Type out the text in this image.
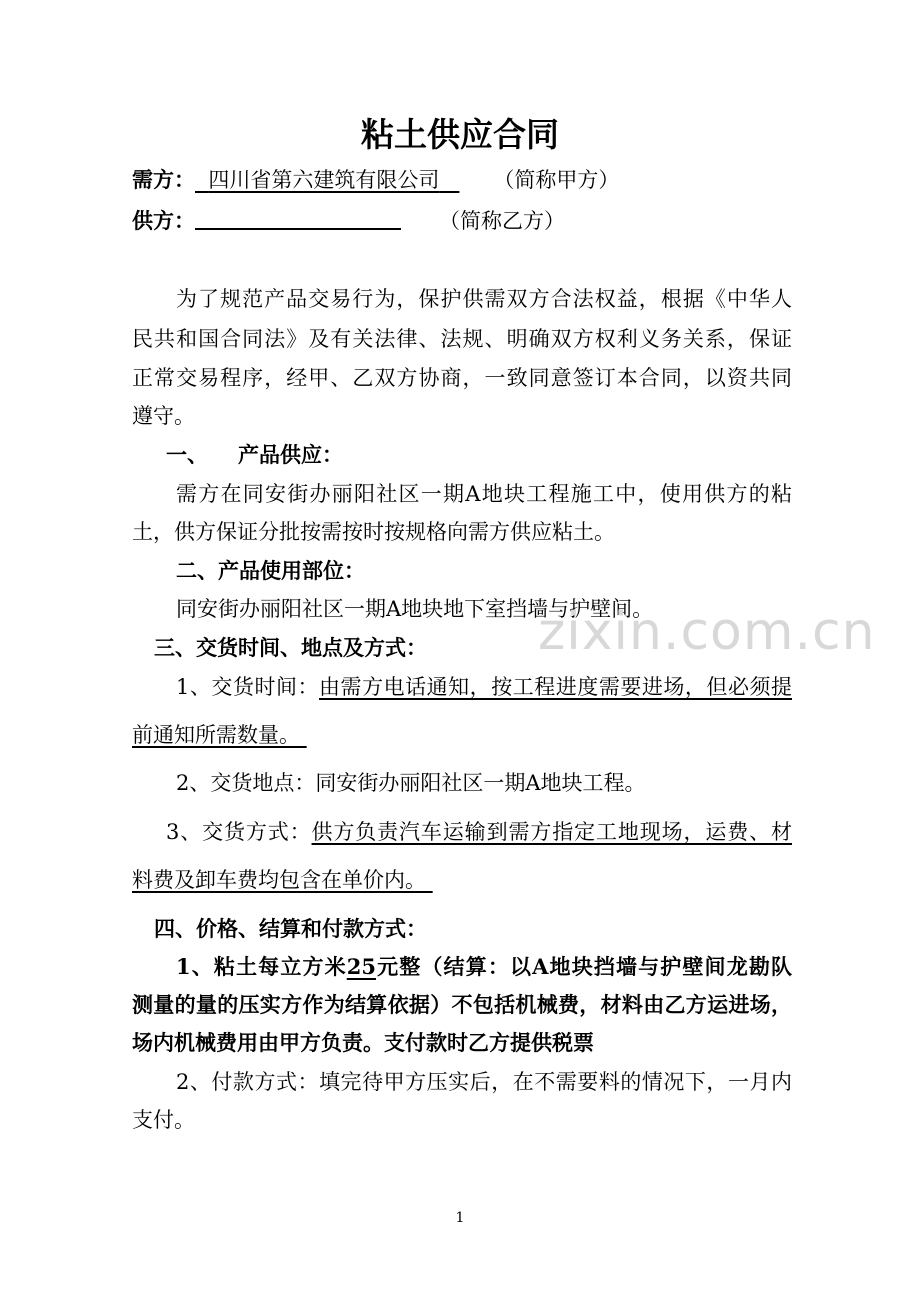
粘土供应合同
需方： 四川省第六建筑有限公司	（简称甲方）
供方：	（简称乙方）
为了规范产品交易行为，保护供需双方合法权益，根据《中华人
民共和国合同法》及有关法律、法规、明确双方权利义务关系，保证
正常交易程序，经甲、乙双方协商，一致同意签订本合同，以资共同
遵守。
一、 产品供应：
需方在同安街办丽阳社区一期A地块工程施工中，使用供方的粘
土，供方保证分批按需按时按规格向需方供应粘土。
二、产品使用部位：
同安街办丽阳社区一期A地块地下室挡墙与护壁间。
三、交货时间、地点及方式：
1、交货时间：由需方电话通知，按工程进度需要进场，但必须提
前通知所需数量。
2、交货地点：同安街办丽阳社区一期A地块工程。
3、交货方式：供方负责汽车运输到需方指定工地现场，运费、材
料费及卸车费均包含在单价内。
四、价格、结算和付款方式：
1、粘土每立方米25元整（结算：以A地块挡墙与护壁间龙勘队
测量的量的压实方作为结算依据）不包括机械费，材料由乙方运进场，
场内机械费用由甲方负责。支付款时乙方提供税票
2、付款方式：填完待甲方压实后，在不需要料的情况下，一月内
支付。
zixin.com.cn
1
